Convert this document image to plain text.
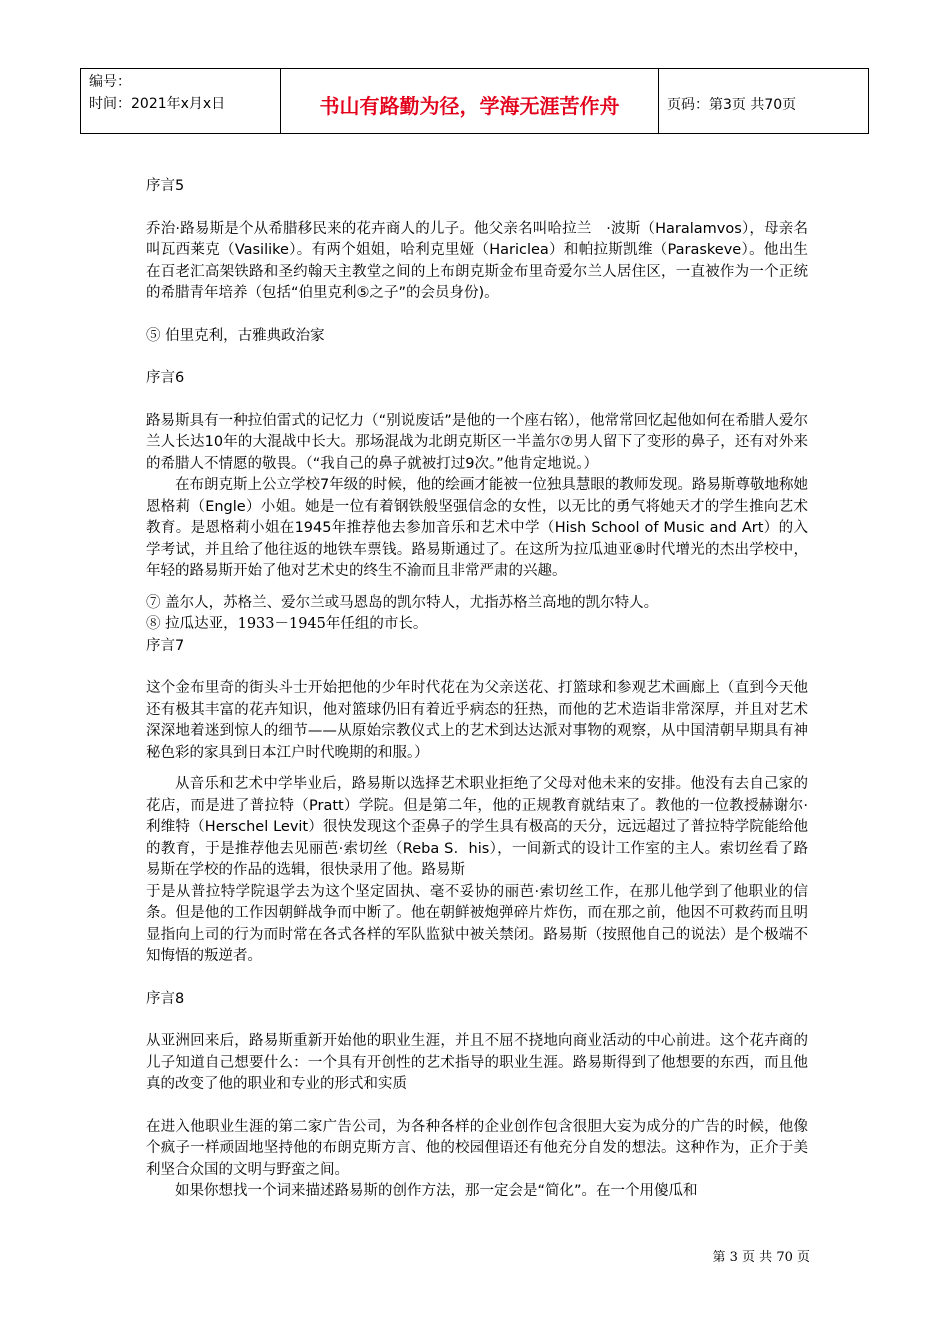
编号：
时间：2021年x月x日	书山有路勤为径，学海无涯苦作舟	页码：第3页 共70页

序言5

乔治·路易斯是个从希腊移民来的花卉商人的儿子。他父亲名叫哈拉兰　·波斯（Haralamvos），母亲名叫瓦西莱克（Vasilike）。有两个姐姐，哈利克里娅（Hariclea）和帕拉斯凯维（Paraskeve）。他出生在百老汇高架铁路和圣约翰天主教堂之间的上布朗克斯金布里奇爱尔兰人居住区，一直被作为一个正统的希腊青年培养（包括“伯里克利⑤之子”的会员身份)。

⑤ 伯里克利，古雅典政治家

序言6

路易斯具有一种拉伯雷式的记忆力（“别说废话”是他的一个座右铭），他常常回忆起他如何在希腊人爱尔兰人长达10年的大混战中长大。那场混战为北朗克斯区一半盖尔⑦男人留下了变形的鼻子，还有对外来的希腊人不情愿的敬畏。（“我自己的鼻子就被打过9次。”他肯定地说。）

在布朗克斯上公立学校7年级的时候，他的绘画才能被一位独具慧眼的教师发现。路易斯尊敬地称她恩格莉（Engle）小姐。她是一位有着钢铁般坚强信念的女性，以无比的勇气将她天才的学生推向艺术教育。是恩格莉小姐在1945年推荐他去参加音乐和艺术中学（Hish School of Music and Art）的入学考试，并且给了他往返的地铁车票钱。路易斯通过了。在这所为拉瓜迪亚⑧时代增光的杰出学校中，年轻的路易斯开始了他对艺术史的终生不渝而且非常严肃的兴趣。

⑦ 盖尔人，苏格兰、爱尔兰或马恩岛的凯尔特人，尤指苏格兰高地的凯尔特人。

⑧ 拉瓜达亚，1933－1945年任组的市长。

序言7

这个金布里奇的街头斗士开始把他的少年时代花在为父亲送花、打篮球和参观艺术画廊上（直到今天他还有极其丰富的花卉知识，他对篮球仍旧有着近乎病态的狂热，而他的艺术造诣非常深厚，并且对艺术深深地着迷到惊人的细节——从原始宗教仪式上的艺术到达达派对事物的观察，从中国清朝早期具有神秘色彩的家具到日本江户时代晚期的和服。）

从音乐和艺术中学毕业后，路易斯以选择艺术职业拒绝了父母对他未来的安排。他没有去自己家的花店，而是进了普拉特（Pratt）学院。但是第二年，他的正规教育就结束了。教他的一位教授赫谢尔·利维特（Herschel Levit）很快发现这个歪鼻子的学生具有极高的天分，远远超过了普拉特学院能给他的教育，于是推荐他去见丽芭·索切丝（Reba S．his），一间新式的设计工作室的主人。索切丝看了路易斯在学校的作品的选辑，很快录用了他。路易斯

于是从普拉特学院退学去为这个坚定固执、毫不妥协的丽芭·索切丝工作，在那儿他学到了他职业的信条。但是他的工作因朝鲜战争而中断了。他在朝鲜被炮弹碎片炸伤，而在那之前，他因不可救药而且明显指向上司的行为而时常在各式各样的军队监狱中被关禁闭。路易斯（按照他自己的说法）是个极端不知悔悟的叛逆者。

序言8

从亚洲回来后，路易斯重新开始他的职业生涯，并且不屈不挠地向商业活动的中心前进。这个花卉商的儿子知道自己想要什么：一个具有开创性的艺术指导的职业生涯。路易斯得到了他想要的东西，而且他真的改变了他的职业和专业的形式和实质

在进入他职业生涯的第二家广告公司，为各种各样的企业创作包含很胆大妄为成分的广告的时候，他像个疯子一样顽固地坚持他的布朗克斯方言、他的校园俚语还有他充分自发的想法。这种作为，正介于美利坚合众国的文明与野蛮之间。

如果你想找一个词来描述路易斯的创作方法，那一定会是“简化”。在一个用傻瓜和

第 3 页 共 70 页
